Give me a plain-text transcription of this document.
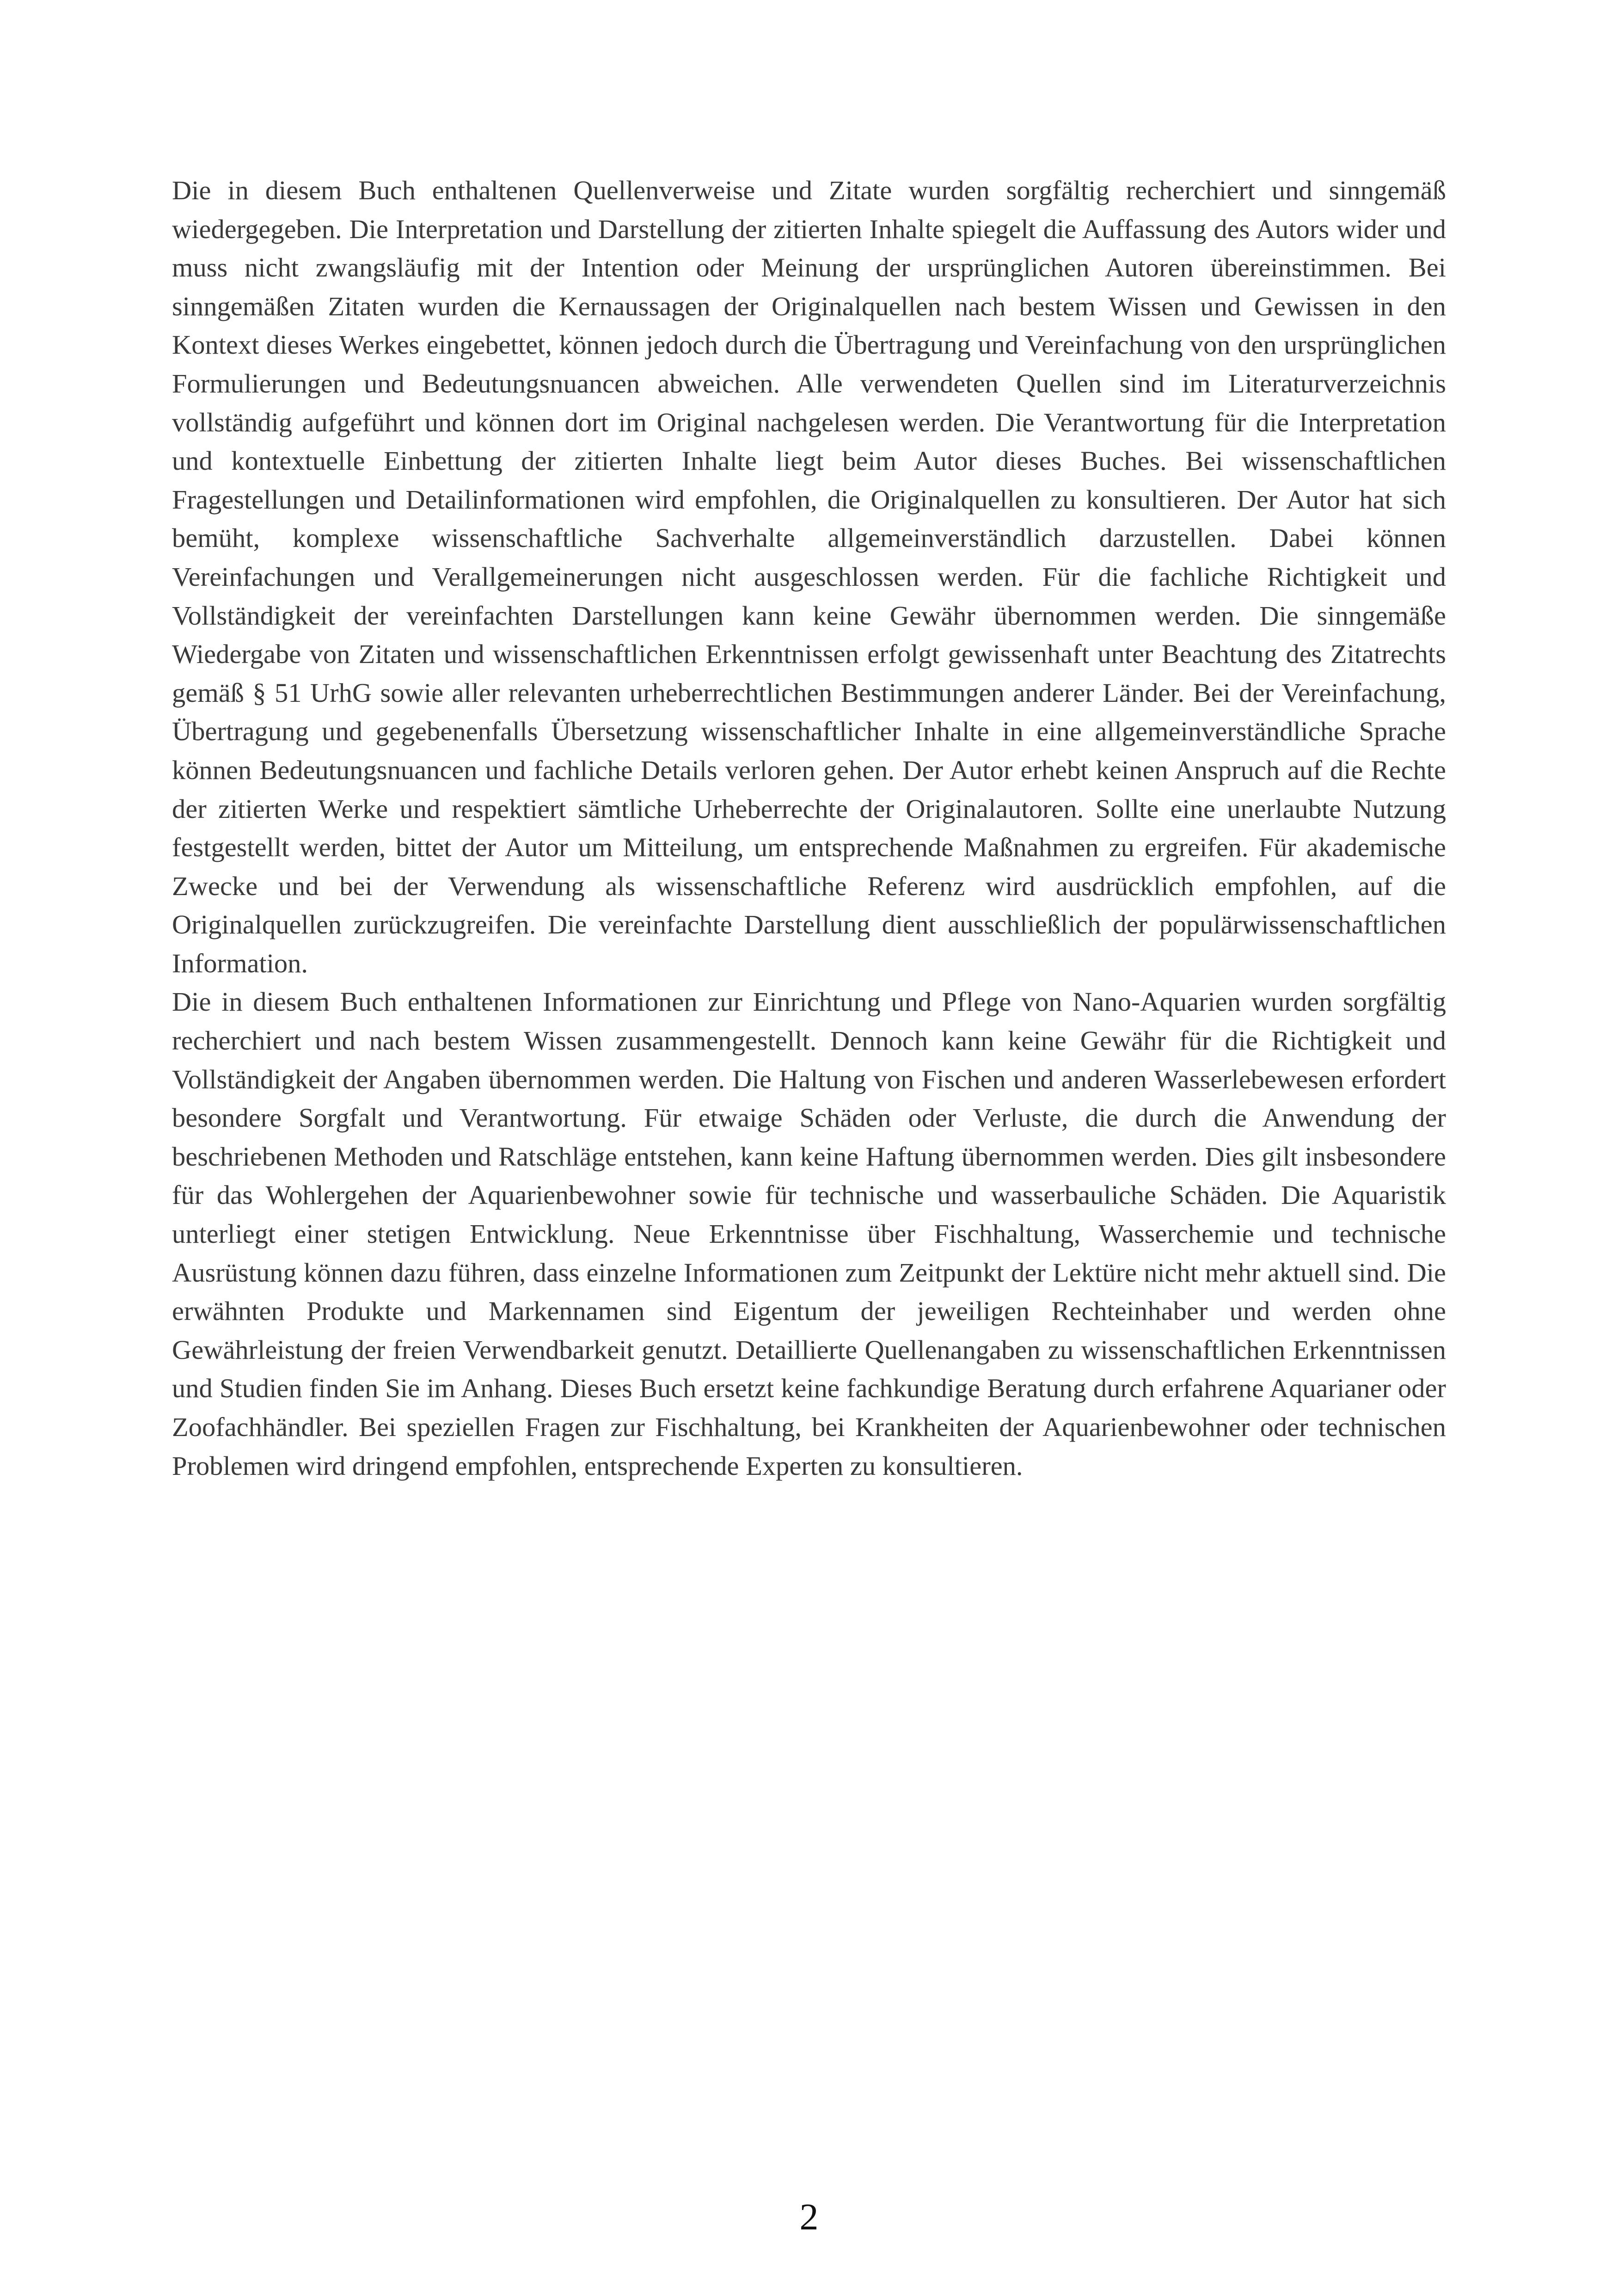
Die in diesem Buch enthaltenen Quellenverweise und Zitate wurden sorgfältig recherchiert und sinngemäß wiedergegeben. Die Interpretation und Darstellung der zitierten Inhalte spiegelt die Auffassung des Autors wider und muss nicht zwangsläufig mit der Intention oder Meinung der ursprünglichen Autoren übereinstimmen. Bei sinngemäßen Zitaten wurden die Kernaussagen der Originalquellen nach bestem Wissen und Gewissen in den Kontext dieses Werkes eingebettet, können jedoch durch die Übertragung und Vereinfachung von den ursprünglichen Formulierungen und Bedeutungsnuancen abweichen. Alle verwendeten Quellen sind im Literaturverzeichnis vollständig aufgeführt und können dort im Original nachgelesen werden. Die Verantwortung für die Interpretation und kontextuelle Einbettung der zitierten Inhalte liegt beim Autor dieses Buches. Bei wissenschaftlichen Fragestellungen und Detailinformationen wird empfohlen, die Originalquellen zu konsultieren. Der Autor hat sich bemüht, komplexe wissenschaftliche Sachverhalte allgemeinverständlich darzustellen. Dabei können Vereinfachungen und Verallgemeinerungen nicht ausgeschlossen werden. Für die fachliche Richtigkeit und Vollständigkeit der vereinfachten Darstellungen kann keine Gewähr übernommen werden. Die sinngemäße Wiedergabe von Zitaten und wissenschaftlichen Erkenntnissen erfolgt gewissenhaft unter Beachtung des Zitatrechts gemäß § 51 UrhG sowie aller relevanten urheberrechtlichen Bestimmungen anderer Länder. Bei der Vereinfachung, Übertragung und gegebenenfalls Übersetzung wissenschaftlicher Inhalte in eine allgemeinverständliche Sprache können Bedeutungsnuancen und fachliche Details verloren gehen. Der Autor erhebt keinen Anspruch auf die Rechte der zitierten Werke und respektiert sämtliche Urheberrechte der Originalautoren. Sollte eine unerlaubte Nutzung festgestellt werden, bittet der Autor um Mitteilung, um entsprechende Maßnahmen zu ergreifen. Für akademische Zwecke und bei der Verwendung als wissenschaftliche Referenz wird ausdrücklich empfohlen, auf die Originalquellen zurückzugreifen. Die vereinfachte Darstellung dient ausschließlich der populärwissenschaftlichen Information.

Die in diesem Buch enthaltenen Informationen zur Einrichtung und Pflege von Nano-Aquarien wurden sorgfältig recherchiert und nach bestem Wissen zusammengestellt. Dennoch kann keine Gewähr für die Richtigkeit und Vollständigkeit der Angaben übernommen werden. Die Haltung von Fischen und anderen Wasserlebewesen erfordert besondere Sorgfalt und Verantwortung. Für etwaige Schäden oder Verluste, die durch die Anwendung der beschriebenen Methoden und Ratschläge entstehen, kann keine Haftung übernommen werden. Dies gilt insbesondere für das Wohlergehen der Aquarienbewohner sowie für technische und wasserbauliche Schäden. Die Aquaristik unterliegt einer stetigen Entwicklung. Neue Erkenntnisse über Fischhaltung, Wasserchemie und technische Ausrüstung können dazu führen, dass einzelne Informationen zum Zeitpunkt der Lektüre nicht mehr aktuell sind. Die erwähnten Produkte und Markennamen sind Eigentum der jeweiligen Rechteinhaber und werden ohne Gewährleistung der freien Verwendbarkeit genutzt. Detaillierte Quellenangaben zu wissenschaftlichen Erkenntnissen und Studien finden Sie im Anhang. Dieses Buch ersetzt keine fachkundige Beratung durch erfahrene Aquarianer oder Zoofachhändler. Bei speziellen Fragen zur Fischhaltung, bei Krankheiten der Aquarienbewohner oder technischen Problemen wird dringend empfohlen, entsprechende Experten zu konsultieren.

2
